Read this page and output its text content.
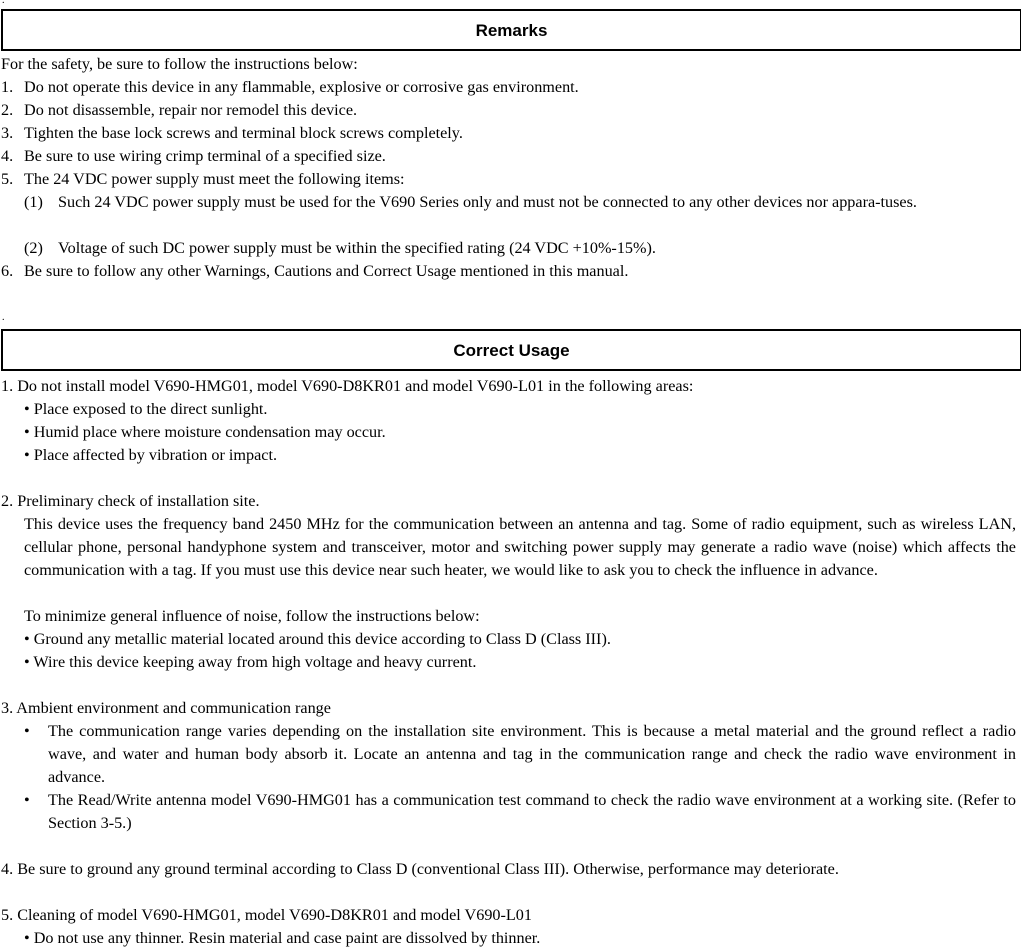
.
Remarks
For the safety, be sure to follow the instructions below:
1. Do not operate this device in any flammable, explosive or corrosive gas environment.
2. Do not disassemble, repair nor remodel this device.
3. Tighten the base lock screws and terminal block screws completely.
4. Be sure to use wiring crimp terminal of a specified size.
5. The 24 VDC power supply must meet the following items:
(1) Such 24 VDC power supply must be used for the V690 Series only and must not be connected to any other devices nor appara-tuses.
(2) Voltage of such DC power supply must be within the specified rating (24 VDC +10%-15%).
6. Be sure to follow any other Warnings, Cautions and Correct Usage mentioned in this manual.
.
Correct Usage
1. Do not install model V690-HMG01, model V690-D8KR01 and model V690-L01 in the following areas:
• Place exposed to the direct sunlight.
• Humid place where moisture condensation may occur.
• Place affected by vibration or impact.
2. Preliminary check of installation site.
This device uses the frequency band 2450 MHz for the communication between an antenna and tag. Some of radio equipment, such as wireless LAN, cellular phone, personal handyphone system and transceiver, motor and switching power supply may generate a radio wave (noise) which affects the communication with a tag. If you must use this device near such heater, we would like to ask you to check the influence in advance.
To minimize general influence of noise, follow the instructions below:
• Ground any metallic material located around this device according to Class D (Class III).
• Wire this device keeping away from high voltage and heavy current.
3. Ambient environment and communication range
• The communication range varies depending on the installation site environment. This is because a metal material and the ground reflect a radio wave, and water and human body absorb it. Locate an antenna and tag in the communication range and check the radio wave environment in advance.
• The Read/Write antenna model V690-HMG01 has a communication test command to check the radio wave environment at a working site. (Refer to Section 3-5.)
4. Be sure to ground any ground terminal according to Class D (conventional Class III). Otherwise, performance may deteriorate.
5. Cleaning of model V690-HMG01, model V690-D8KR01 and model V690-L01
• Do not use any thinner. Resin material and case paint are dissolved by thinner.
